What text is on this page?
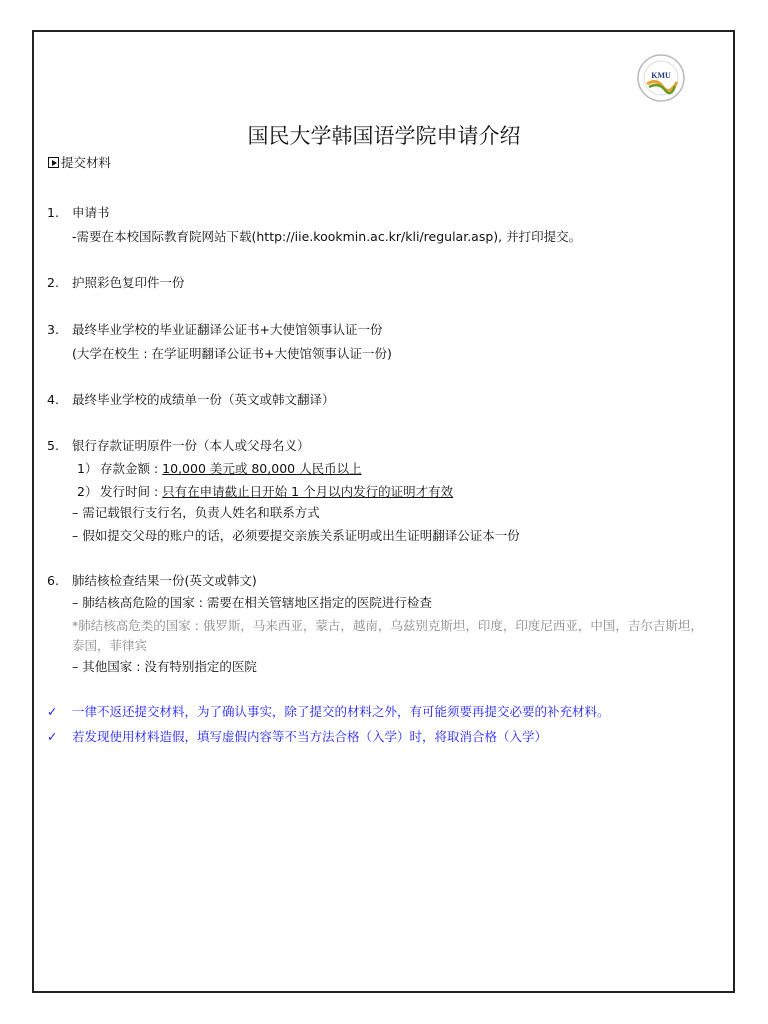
KMU
国民大学韩国语学院申请介绍
提交材料
1. 申请书
-需要在本校国际教育院网站下载(http://iie.kookmin.ac.kr/kli/regular.asp), 并打印提交。
2. 护照彩色复印件一份
3. 最终毕业学校的毕业证翻译公证书+大使馆领事认证一份
(大学在校生 : 在学证明翻译公证书+大使馆领事认证一份)
4. 最终毕业学校的成绩单一份（英文或韩文翻译）
5. 银行存款证明原件一份（本人或父母名义）
1） 存款金额 : 10,000 美元或 80,000 人民币以上
2） 发行时间 : 只有在申请截止日开始 1 个月以内发行的证明才有效
– 需记载银行支行名，负责人姓名和联系方式
– 假如提交父母的账户的话，必须要提交亲族关系证明或出生证明翻译公证本一份
6. 肺结核检查结果一份(英文或韩文)
– 肺结核高危险的国家 : 需要在相关管辖地区指定的医院进行检查
*肺结核高危类的国家 : 俄罗斯，马来西亚，蒙古，越南，乌兹别克斯坦，印度，印度尼西亚，中国，吉尔吉斯坦，
泰国，菲律宾
– 其他国家 : 没有特别指定的医院
✓ 一律不返还提交材料，为了确认事实，除了提交的材料之外，有可能须要再提交必要的补充材料。
✓ 若发现使用材料造假，填写虚假内容等不当方法合格（入学）时，将取消合格（入学）
